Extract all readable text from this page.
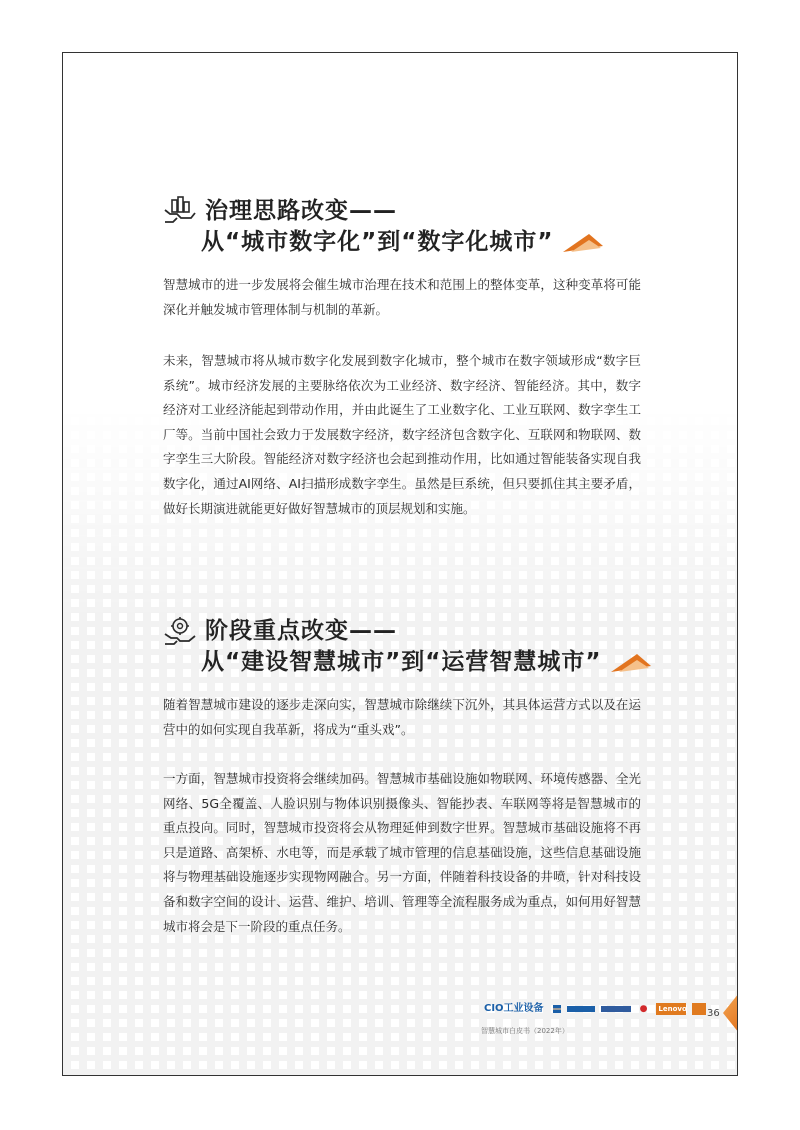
治理思路改变——
从“城市数字化”到“数字化城市”

智慧城市的进一步发展将会催生城市治理在技术和范围上的整体变革，这种变革将可能深化并触发城市管理体制与机制的革新。

未来，智慧城市将从城市数字化发展到数字化城市，整个城市在数字领域形成“数字巨系统”。城市经济发展的主要脉络依次为工业经济、数字经济、智能经济。其中，数字经济对工业经济能起到带动作用，并由此诞生了工业数字化、工业互联网、数字孪生工厂等。当前中国社会致力于发展数字经济，数字经济包含数字化、互联网和物联网、数字孪生三大阶段。智能经济对数字经济也会起到推动作用，比如通过智能装备实现自我数字化，通过AI网络、AI扫描形成数字孪生。虽然是巨系统，但只要抓住其主要矛盾，做好长期演进就能更好做好智慧城市的顶层规划和实施。

阶段重点改变——
从“建设智慧城市”到“运营智慧城市”

随着智慧城市建设的逐步走深向实，智慧城市除继续下沉外，其具体运营方式以及在运营中的如何实现自我革新，将成为“重头戏”。

一方面，智慧城市投资将会继续加码。智慧城市基础设施如物联网、环境传感器、全光网络、5G全覆盖、人脸识别与物体识别摄像头、智能抄表、车联网等将是智慧城市的重点投向。同时，智慧城市投资将会从物理延伸到数字世界。智慧城市基础设施将不再只是道路、高架桥、水电等，而是承载了城市管理的信息基础设施，这些信息基础设施将与物理基础设施逐步实现物网融合。另一方面，伴随着科技设备的井喷，针对科技设备和数字空间的设计、运营、维护、培训、管理等全流程服务成为重点，如何用好智慧城市将会是下一阶段的重点任务。

CIO工业设备	●	Lenovo
智慧城市白皮书（2022年）
36
